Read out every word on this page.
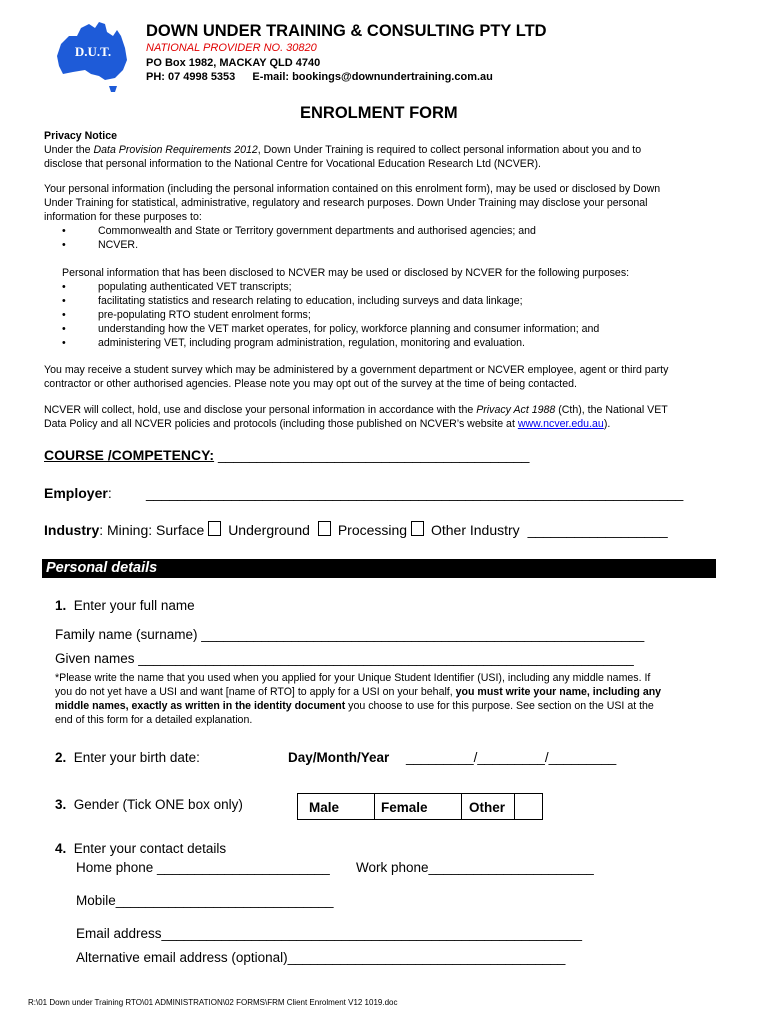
D.U.T.
DOWN UNDER TRAINING & CONSULTING PTY LTD
NATIONAL PROVIDER NO. 30820
PO Box 1982, MACKAY QLD 4740
PH: 07 4998 5353 E-mail: bookings@downundertraining.com.au
ENROLMENT FORM
Privacy Notice
Under the Data Provision Requirements 2012, Down Under Training is required to collect personal information about you and to
disclose that personal information to the National Centre for Vocational Education Research Ltd (NCVER).
Your personal information (including the personal information contained on this enrolment form), may be used or disclosed by Down
Under Training for statistical, administrative, regulatory and research purposes. Down Under Training may disclose your personal
information for these purposes to:
•	Commonwealth and State or Territory government departments and authorised agencies; and
•	NCVER.
Personal information that has been disclosed to NCVER may be used or disclosed by NCVER for the following purposes:
•	populating authenticated VET transcripts;
•	facilitating statistics and research relating to education, including surveys and data linkage;
•	pre-populating RTO student enrolment forms;
•	understanding how the VET market operates, for policy, workforce planning and consumer information; and
•	administering VET, including program administration, regulation, monitoring and evaluation.
You may receive a student survey which may be administered by a government department or NCVER employee, agent or third party
contractor or other authorised agencies. Please note you may opt out of the survey at the time of being contacted.
NCVER will collect, hold, use and disclose your personal information in accordance with the Privacy Act 1988 (Cth), the National VET
Data Policy and all NCVER policies and protocols (including those published on NCVER’s website at www.ncver.edu.au).
COURSE /COMPETENCY: ________________________________________
Employer: _____________________________________________________________________
Industry: Mining: Surface Underground Processing Other Industry __________________
Personal details
1. Enter your full name
Family name (surname) ___________________________________________________________
Given names __________________________________________________________________
*Please write the name that you used when you applied for your Unique Student Identifier (USI), including any middle names. If
you do not yet have a USI and want [name of RTO] to apply for a USI on your behalf, you must write your name, including any
middle names, exactly as written in the identity document you choose to use for this purpose. See section on the USI at the
end of this form for a detailed explanation.
2. Enter your birth date:	Day/Month/Year _________/_________/_________
3. Gender (Tick ONE box only)	Male	Female	Other
4. Enter your contact details
Home phone _______________________ Work phone______________________
Mobile_____________________________
Email address________________________________________________________
Alternative email address (optional)_____________________________________
R:\01 Down under Training RTO\01 ADMINISTRATION\02 FORMS\FRM Client Enrolment V12 1019.doc
